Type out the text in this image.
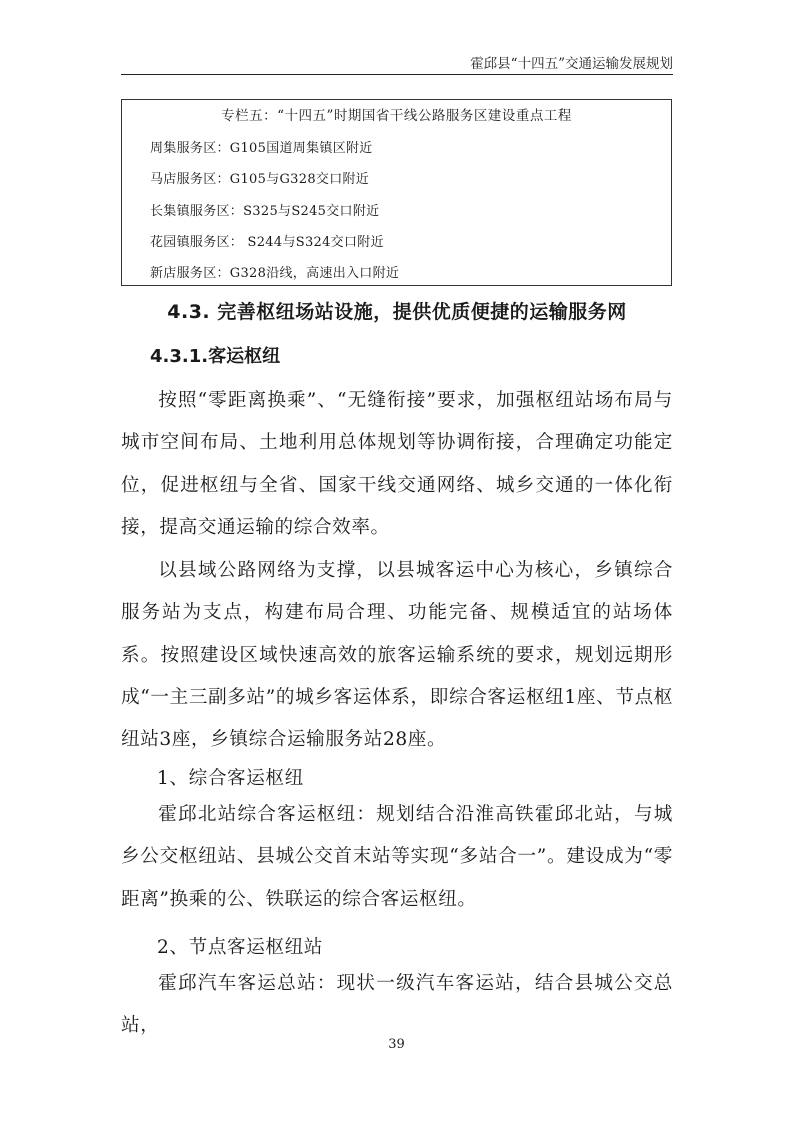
霍邱县“十四五”交通运输发展规划
专栏五：“十四五”时期国省干线公路服务区建设重点工程
周集服务区：G105国道周集镇区附近
马店服务区：G105与G328交口附近
长集镇服务区：S325与S245交口附近
花园镇服务区： S244与S324交口附近
新店服务区：G328沿线，高速出入口附近
4.3. 完善枢纽场站设施，提供优质便捷的运输服务网
4.3.1.客运枢纽

按照“零距离换乘”、“无缝衔接”要求，加强枢纽站场布局与城市空间布局、土地利用总体规划等协调衔接，合理确定功能定位，促进枢纽与全省、国家干线交通网络、城乡交通的一体化衔接，提高交通运输的综合效率。

以县域公路网络为支撑，以县城客运中心为核心，乡镇综合服务站为支点，构建布局合理、功能完备、规模适宜的站场体系。按照建设区域快速高效的旅客运输系统的要求，规划远期形成“一主三副多站”的城乡客运体系，即综合客运枢纽1座、节点枢纽站3座，乡镇综合运输服务站28座。

1、综合客运枢纽

霍邱北站综合客运枢纽：规划结合沿淮高铁霍邱北站，与城乡公交枢纽站、县城公交首末站等实现“多站合一”。建设成为“零距离”换乘的公、铁联运的综合客运枢纽。

2、节点客运枢纽站

霍邱汽车客运总站：现状一级汽车客运站，结合县城公交总站，

39
